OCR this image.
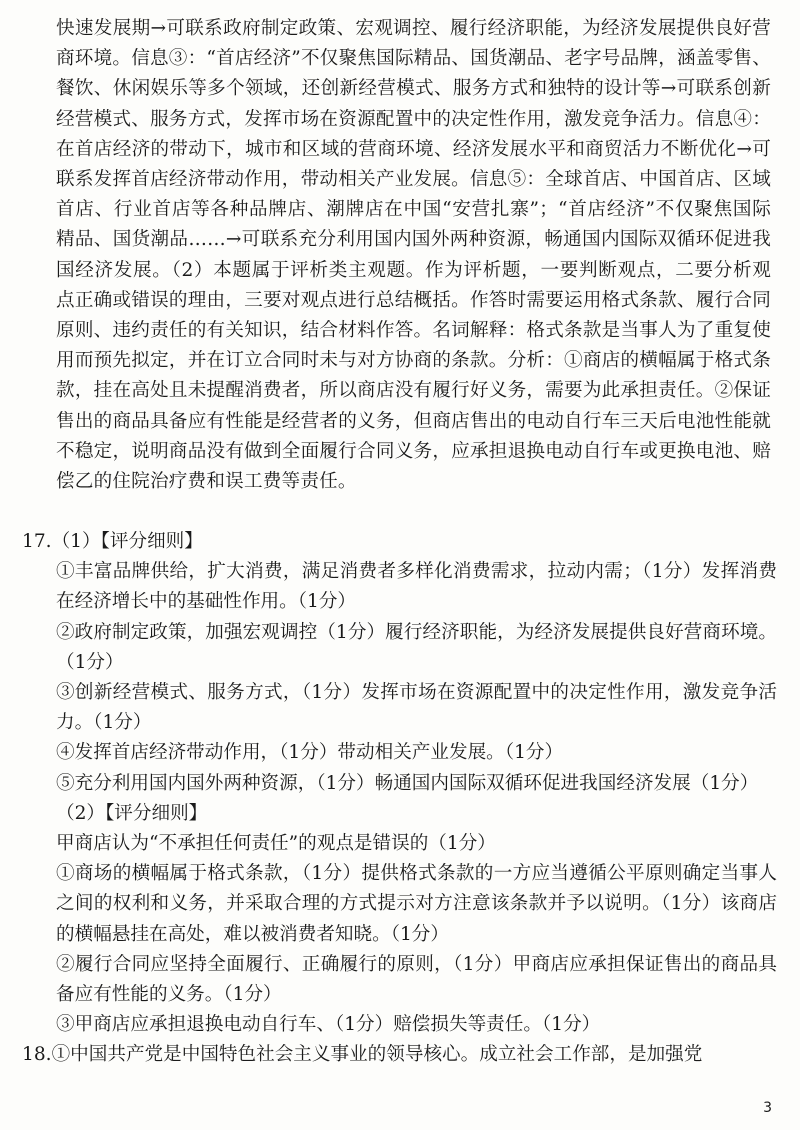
快速发展期→可联系政府制定政策、宏观调控、履行经济职能，为经济发展提供良好营商环境。信息③：“首店经济”不仅聚焦国际精品、国货潮品、老字号品牌，涵盖零售、餐饮、休闲娱乐等多个领域，还创新经营模式、服务方式和独特的设计等→可联系创新经营模式、服务方式，发挥市场在资源配置中的决定性作用，激发竞争活力。信息④：在首店经济的带动下，城市和区域的营商环境、经济发展水平和商贸活力不断优化→可联系发挥首店经济带动作用，带动相关产业发展。信息⑤：全球首店、中国首店、区域首店、行业首店等各种品牌店、潮牌店在中国“安营扎寨”；“首店经济”不仅聚焦国际精品、国货潮品……→可联系充分利用国内国外两种资源，畅通国内国际双循环促进我国经济发展。（2）本题属于评析类主观题。作为评析题，一要判断观点，二要分析观点正确或错误的理由，三要对观点进行总结概括。作答时需要运用格式条款、履行合同原则、违约责任的有关知识，结合材料作答。名词解释：格式条款是当事人为了重复使用而预先拟定，并在订立合同时未与对方协商的条款。分析：①商店的横幅属于格式条款，挂在高处且未提醒消费者，所以商店没有履行好义务，需要为此承担责任。②保证售出的商品具备应有性能是经营者的义务，但商店售出的电动自行车三天后电池性能就不稳定，说明商品没有做到全面履行合同义务，应承担退换电动自行车或更换电池、赔偿乙的住院治疗费和误工费等责任。

17.（1）【评分细则】

①丰富品牌供给，扩大消费，满足消费者多样化消费需求，拉动内需；（1分）发挥消费在经济增长中的基础性作用。（1分）

②政府制定政策，加强宏观调控（1分）履行经济职能，为经济发展提供良好营商环境。（1分）

③创新经营模式、服务方式，（1分）发挥市场在资源配置中的决定性作用，激发竞争活力。（1分）

④发挥首店经济带动作用，（1分）带动相关产业发展。（1分）

⑤充分利用国内国外两种资源，（1分）畅通国内国际双循环促进我国经济发展（1分）

（2）【评分细则】

甲商店认为“不承担任何责任”的观点是错误的（1分）

①商场的横幅属于格式条款，（1分）提供格式条款的一方应当遵循公平原则确定当事人之间的权利和义务，并采取合理的方式提示对方注意该条款并予以说明。（1分）该商店的横幅悬挂在高处，难以被消费者知晓。（1分）

②履行合同应坚持全面履行、正确履行的原则，（1分）甲商店应承担保证售出的商品具备应有性能的义务。（1分）

③甲商店应承担退换电动自行车、（1分）赔偿损失等责任。（1分）

18.①中国共产党是中国特色社会主义事业的领导核心。成立社会工作部，是加强党

3
